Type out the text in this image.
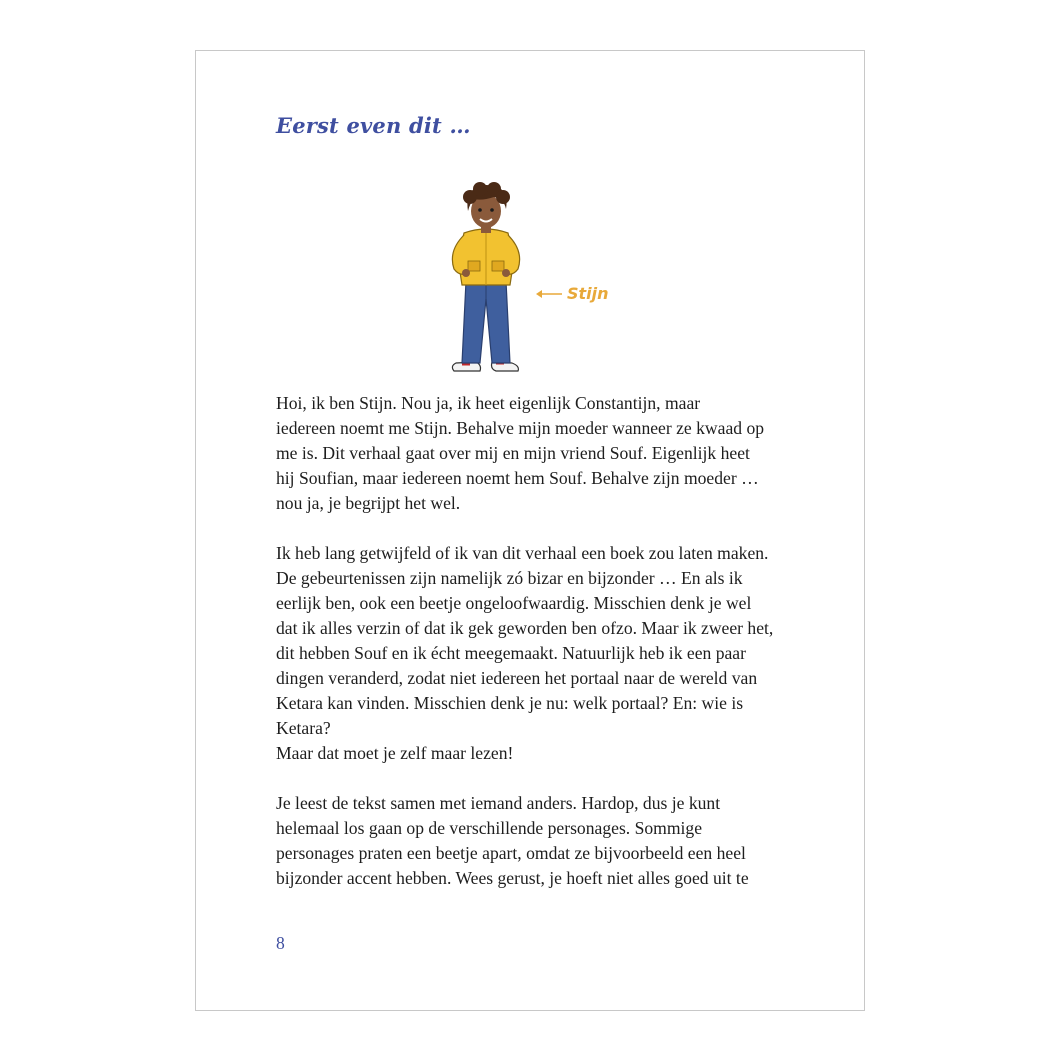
Eerst even dit …
Stijn

Hoi, ik ben Stijn. Nou ja, ik heet eigenlijk Constantijn, maar
iedereen noemt me Stijn. Behalve mijn moeder wanneer ze kwaad op
me is. Dit verhaal gaat over mij en mijn vriend Souf. Eigenlijk heet
hij Soufian, maar iedereen noemt hem Souf. Behalve zijn moeder …
nou ja, je begrijpt het wel.

Ik heb lang getwijfeld of ik van dit verhaal een boek zou laten maken.
De gebeurtenissen zijn namelijk zó bizar en bijzonder … En als ik
eerlijk ben, ook een beetje ongeloofwaardig. Misschien denk je wel
dat ik alles verzin of dat ik gek geworden ben ofzo. Maar ik zweer het,
dit hebben Souf en ik écht meegemaakt. Natuurlijk heb ik een paar
dingen veranderd, zodat niet iedereen het portaal naar de wereld van
Ketara kan vinden. Misschien denk je nu: welk portaal? En: wie is
Ketara?
Maar dat moet je zelf maar lezen!

Je leest de tekst samen met iemand anders. Hardop, dus je kunt
helemaal los gaan op de verschillende personages. Sommige
personages praten een beetje apart, omdat ze bijvoorbeeld een heel
bijzonder accent hebben. Wees gerust, je hoeft niet alles goed uit te

8
